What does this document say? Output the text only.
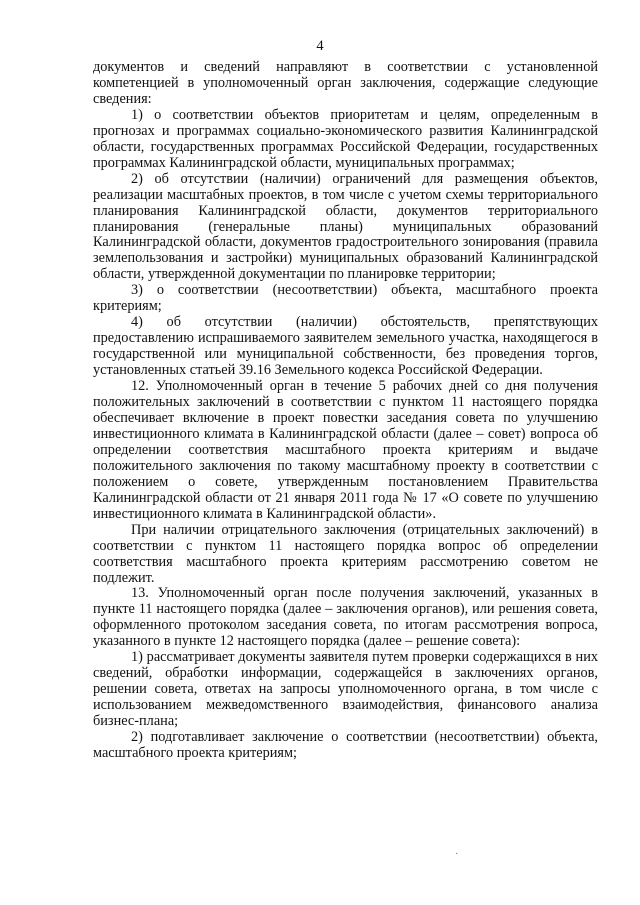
4

документов и сведений направляют в соответствии с установленной компетенцией в уполномоченный орган заключения, содержащие следующие сведения:

1) о соответствии объектов приоритетам и целям, определенным в прогнозах и программах социально-экономического развития Калининградской области, государственных программах Российской Федерации, государственных программах Калининградской области, муниципальных программах;

2) об отсутствии (наличии) ограничений для размещения объектов, реализации масштабных проектов, в том числе с учетом схемы территориального планирования Калининградской области, документов территориального планирования (генеральные планы) муниципальных образований Калининградской области, документов градостроительного зонирования (правила землепользования и застройки) муниципальных образований Калининградской области, утвержденной документации по планировке территории;

3) о соответствии (несоответствии) объекта, масштабного проекта критериям;

4) об отсутствии (наличии) обстоятельств, препятствующих предоставлению испрашиваемого заявителем земельного участка, находящегося в государственной или муниципальной собственности, без проведения торгов, установленных статьей 39.16 Земельного кодекса Российской Федерации.

12. Уполномоченный орган в течение 5 рабочих дней со дня получения положительных заключений в соответствии с пунктом 11 настоящего порядка обеспечивает включение в проект повестки заседания совета по улучшению инвестиционного климата в Калининградской области (далее – совет) вопроса об определении соответствия масштабного проекта критериям и выдаче положительного заключения по такому масштабному проекту в соответствии с положением о совете, утвержденным постановлением Правительства Калининградской области от 21 января 2011 года № 17 «О совете по улучшению инвестиционного климата в Калининградской области».

При наличии отрицательного заключения (отрицательных заключений) в соответствии с пунктом 11 настоящего порядка вопрос об определении соответствия масштабного проекта критериям рассмотрению советом не подлежит.

13. Уполномоченный орган после получения заключений, указанных в пункте 11 настоящего порядка (далее – заключения органов), или решения совета, оформленного протоколом заседания совета, по итогам рассмотрения вопроса, указанного в пункте 12 настоящего порядка (далее – решение совета):

1) рассматривает документы заявителя путем проверки содержащихся в них сведений, обработки информации, содержащейся в заключениях органов, решении совета, ответах на запросы уполномоченного органа, в том числе с использованием межведомственного взаимодействия, финансового анализа бизнес-плана;

2) подготавливает заключение о соответствии (несоответствии) объекта, масштабного проекта критериям;

·
